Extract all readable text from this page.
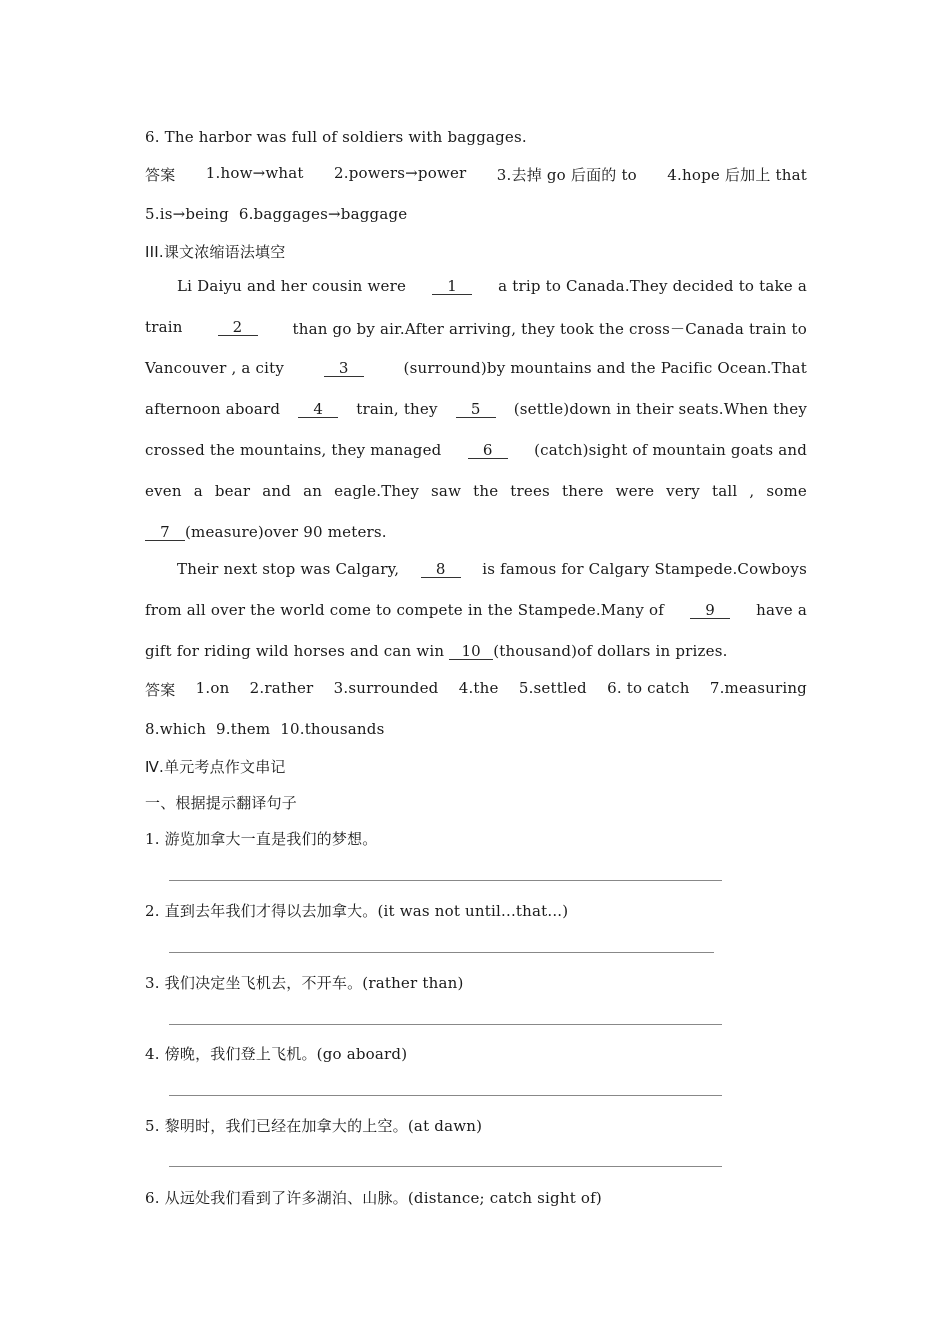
6. The harbor was full of soldiers with baggages.
答案 1.how→what 2.powers→power 3.去掉 go 后面的 to 4.hope 后加上 that
5.is→being  6.baggages→baggage
III.课文浓缩语法填空
Li Daiyu and her cousin were	1	a trip to Canada.They decided to take a
train	2	than go by air.After arriving, they took the cross－Canada train to
Vancouver , a city	3	(surround)by mountains and the Pacific Ocean.That
afternoon aboard	4	train, they	5	(settle)down in their seats.When they
crossed the mountains, they managed	6	(catch)sight of mountain goats and
even a bear and an eagle.They saw the trees there were very tall , some
7 (measure)over 90 meters.
Their next stop was Calgary,	8	is famous for Calgary Stampede.Cowboys
from all over the world come to compete in the Stampede.Many of	9	have a
gift for riding wild horses and can win 10 (thousand)of dollars in prizes.
答案 1.on 2.rather 3.surrounded 4.the 5.settled 6. to catch 7.measuring
8.which  9.them  10.thousands
Ⅳ.单元考点作文串记
一、根据提示翻译句子
1. 游览加拿大一直是我们的梦想。
2. 直到去年我们才得以去加拿大。(it was not until...that...)
3. 我们决定坐飞机去，不开车。(rather than)
4. 傍晚，我们登上飞机。(go aboard)
5. 黎明时，我们已经在加拿大的上空。(at dawn)
6. 从远处我们看到了许多湖泊、山脉。(distance; catch sight of)
